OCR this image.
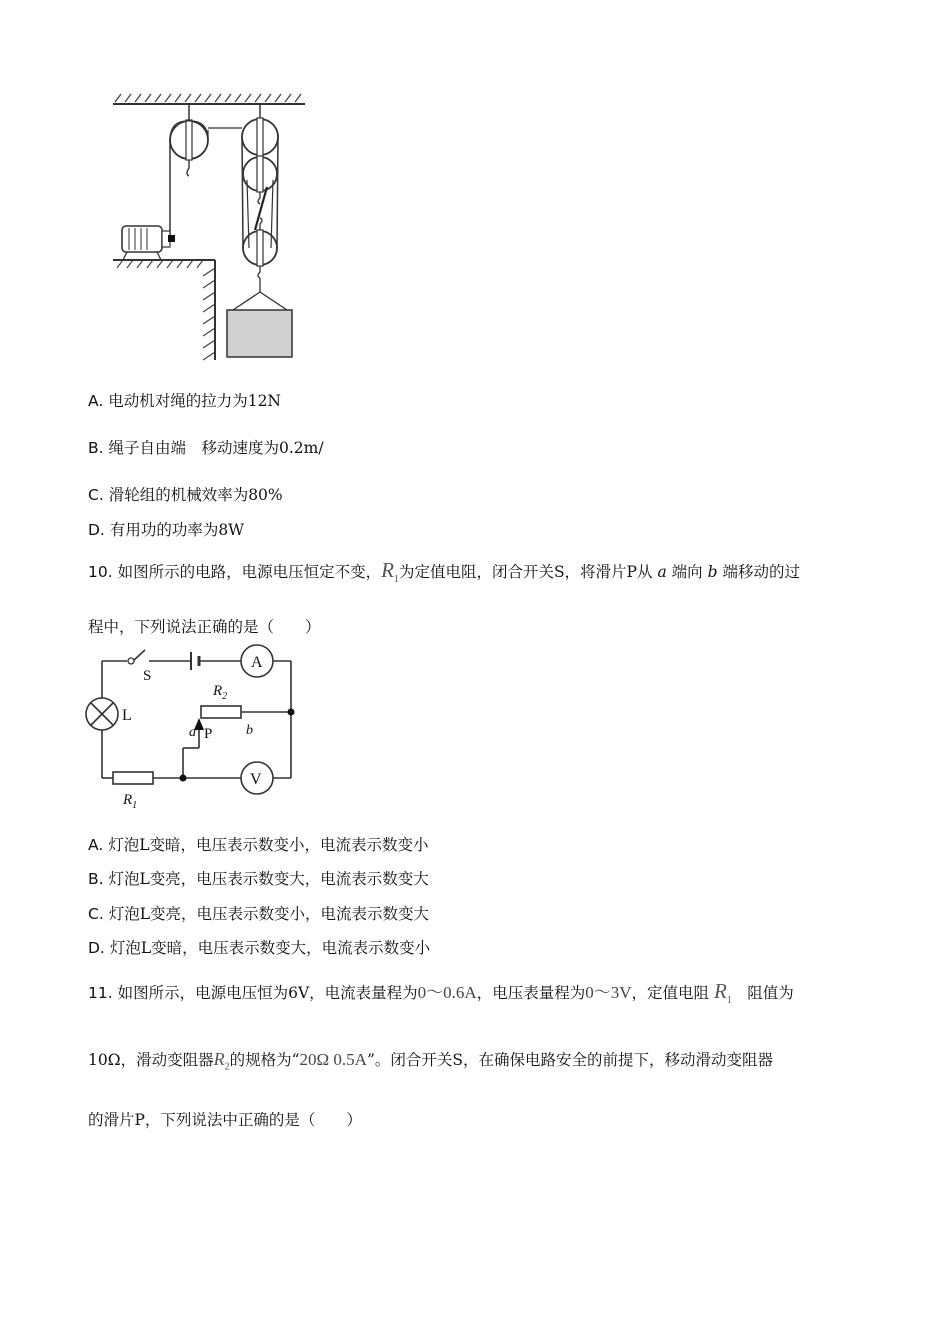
A. 电动机对绳的拉力为12N
B. 绳子自由端　移动速度为0.2m/
C. 滑轮组的机械效率为80%
D. 有用功的功率为8W
10. 如图所示的电路，电源电压恒定不变，$R_1$为定值电阻，闭合开关S，将滑片P从 a 端向 b 端移动的过
程中，下列说法正确的是（　　）
S
A
$R_2$
L
a P b
$R_1$
V
A. 灯泡L变暗，电压表示数变小，电流表示数变小
B. 灯泡L变亮，电压表示数变大，电流表示数变大
C. 灯泡L变亮，电压表示数变小，电流表示数变大
D. 灯泡L变暗，电压表示数变大，电流表示数变小
11. 如图所示，电源电压恒为6V，电流表量程为0～0.6A，电压表量程为0～3V，定值电阻 $R_1$　 阻值为
10Ω，滑动变阻器$R_2$的规格为“20Ω 0.5A”。闭合开关S，在确保电路安全的前提下，移动滑动变阻器
的滑片P，下列说法中正确的是（　　）
